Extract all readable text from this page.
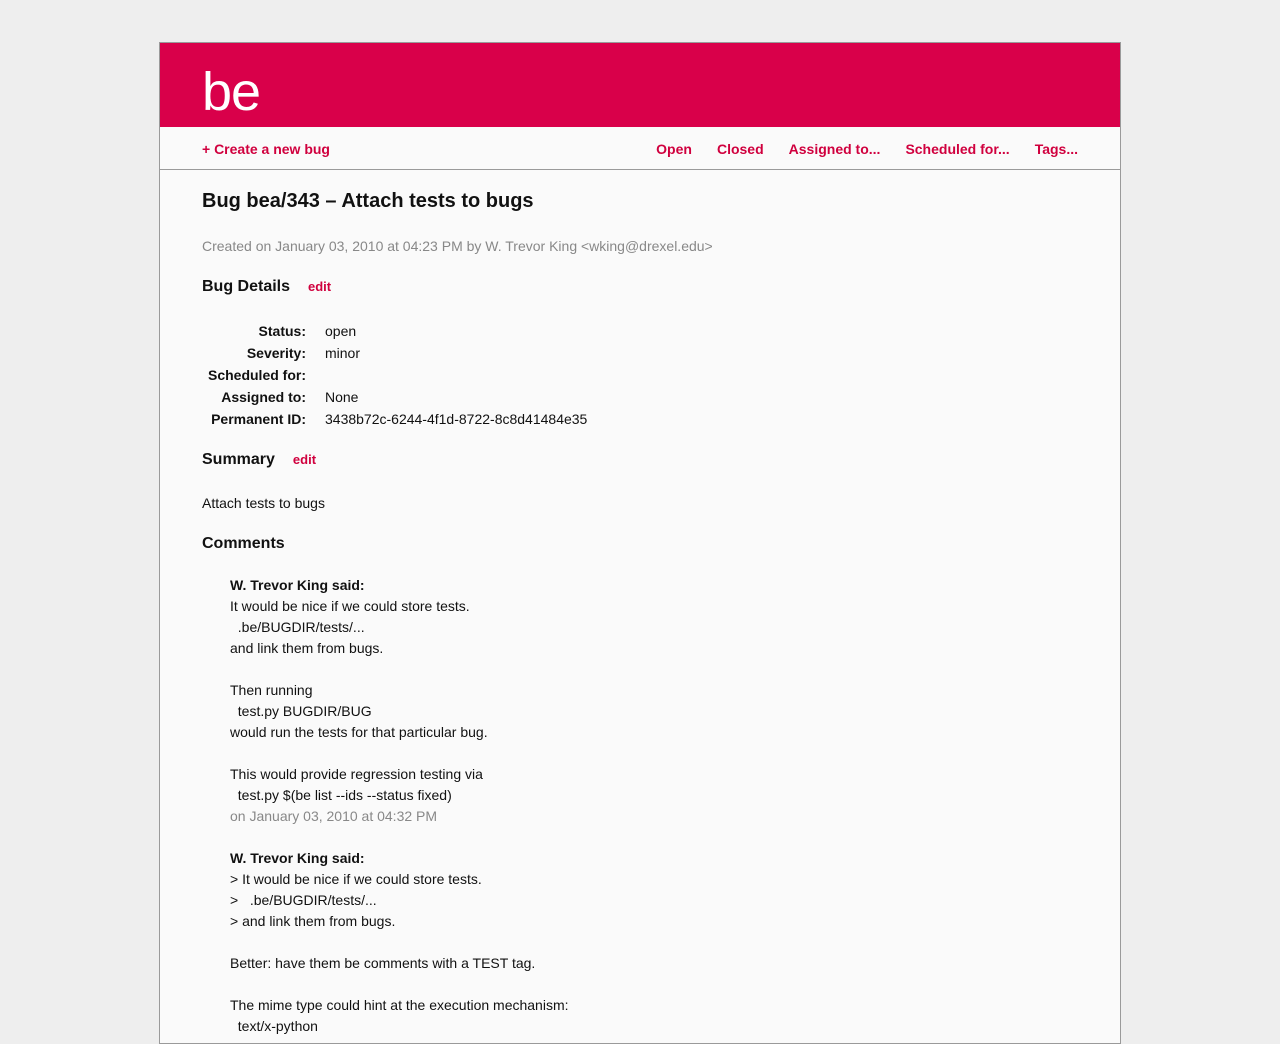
be
+ Create a new bug	Open Closed Assigned to... Scheduled for... Tags...
Bug bea/343 – Attach tests to bugs
Created on January 03, 2010 at 04:23 PM by W. Trevor King <wking@drexel.edu>
Bug Details edit
Status:	open
Severity:	minor
Scheduled for:	
Assigned to:	None
Permanent ID:	3438b72c-6244-4f1d-8722-8c8d41484e35
Summary edit
Attach tests to bugs
Comments
W. Trevor King said:
It would be nice if we could store tests.
.be/BUGDIR/tests/...
and link them from bugs.

Then running
test.py BUGDIR/BUG
would run the tests for that particular bug.

This would provide regression testing via
test.py $(be list --ids --status fixed)
on January 03, 2010 at 04:32 PM
W. Trevor King said:
> It would be nice if we could store tests.
>   .be/BUGDIR/tests/...
> and link them from bugs.

Better: have them be comments with a TEST tag.

The mime type could hint at the execution mechanism:
text/x-python
